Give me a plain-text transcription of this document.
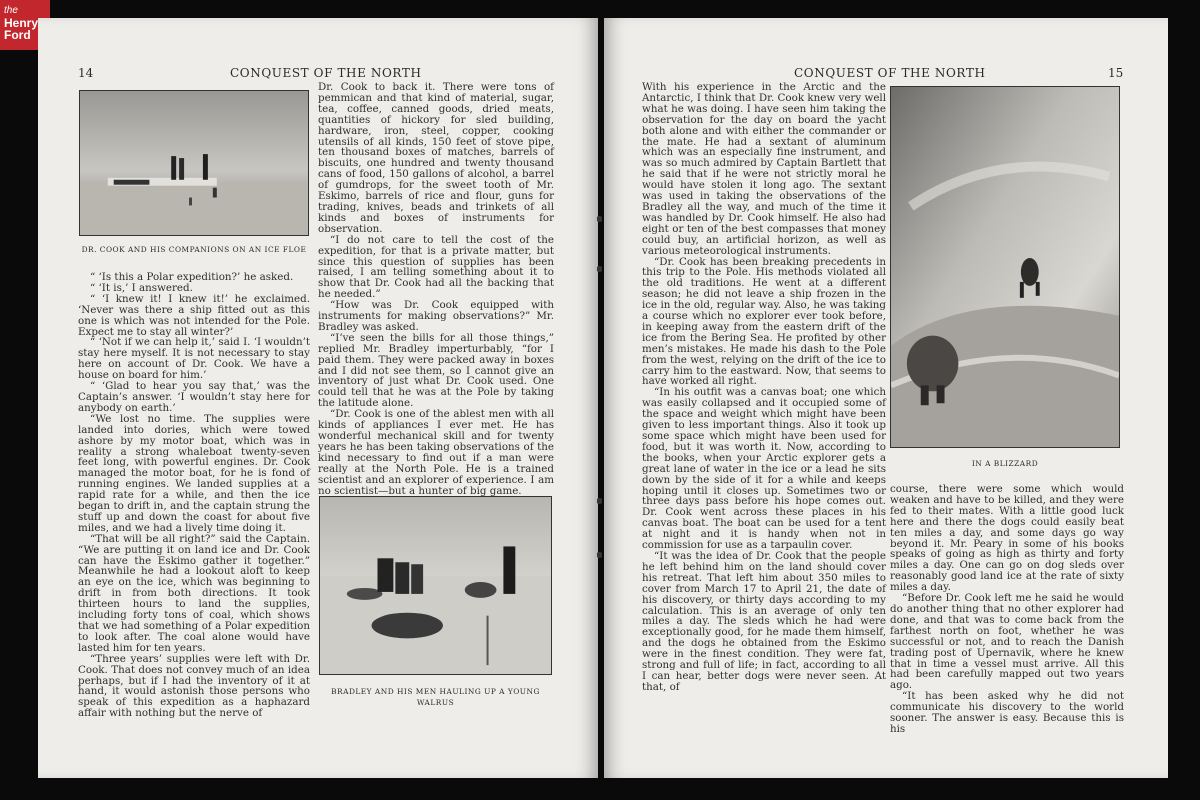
the
Henry
Ford
14	CONQUEST OF THE NORTH
DR. COOK AND HIS COMPANIONS ON AN ICE FLOE

“ ‘Is this a Polar expedition?’ he asked.

“ ‘It is,’ I answered.

“ ‘I knew it! I knew it!’ he exclaimed. ‘Never was there a ship fitted out as this one is which was not intended for the Pole. Expect me to stay all winter?’

“ ‘Not if we can help it,’ said I. ‘I wouldn’t stay here myself. It is not necessary to stay here on account of Dr. Cook. We have a house on board for him.’

“ ‘Glad to hear you say that,’ was the Captain’s answer. ‘I wouldn’t stay here for anybody on earth.’

“We lost no time. The supplies were landed into dories, which were towed ashore by my motor boat, which was in reality a strong whaleboat twenty-seven feet long, with powerful engines. Dr. Cook managed the motor boat, for he is fond of running engines. We landed supplies at a rapid rate for a while, and then the ice began to drift in, and the captain strung the stuff up and down the coast for about five miles, and we had a lively time doing it.

“That will be all right?” said the Captain. “We are putting it on land ice and Dr. Cook can have the Eskimo gather it together.” Meanwhile he had a lookout aloft to keep an eye on the ice, which was beginning to drift in from both directions. It took thirteen hours to land the supplies, including forty tons of coal, which shows that we had something of a Polar expedition to look after. The coal alone would have lasted him for ten years.

“Three years’ supplies were left with Dr. Cook. That does not convey much of an idea perhaps, but if I had the inventory of it at hand, it would astonish those persons who speak of this expedition as a haphazard affair with nothing but the nerve of

Dr. Cook to back it. There were tons of pemmican and that kind of material, sugar, tea, coffee, canned goods, dried meats, quantities of hickory for sled building, hardware, iron, steel, copper, cooking utensils of all kinds, 150 feet of stove pipe, ten thousand boxes of matches, barrels of biscuits, one hundred and twenty thousand cans of food, 150 gallons of alcohol, a barrel of gumdrops, for the sweet tooth of Mr. Eskimo, barrels of rice and flour, guns for trading, knives, beads and trinkets of all kinds and boxes of instruments for observation.

“I do not care to tell the cost of the expedition, for that is a private matter, but since this question of supplies has been raised, I am telling something about it to show that Dr. Cook had all the backing that he needed.”

“How was Dr. Cook equipped with instruments for making observations?” Mr. Bradley was asked.

“I’ve seen the bills for all those things,” replied Mr. Bradley imperturbably, “for I paid them. They were packed away in boxes and I did not see them, so I cannot give an inventory of just what Dr. Cook used. One could tell that he was at the Pole by taking the latitude alone.

“Dr. Cook is one of the ablest men with all kinds of appliances I ever met. He has wonderful mechanical skill and for twenty years he has been taking observations of the kind necessary to find out if a man were really at the North Pole. He is a trained scientist and an explorer of experience. I am no scientist—but a hunter of big game.

BRADLEY AND HIS MEN HAULING UP A YOUNG WALRUS
CONQUEST OF THE NORTH	15

With his experience in the Arctic and the Antarctic, I think that Dr. Cook knew very well what he was doing. I have seen him taking the observation for the day on board the yacht both alone and with either the commander or the mate. He had a sextant of aluminum which was an especially fine instrument, and was so much admired by Captain Bartlett that he said that if he were not strictly moral he would have stolen it long ago. The sextant was used in taking the observations of the Bradley all the way, and much of the time it was handled by Dr. Cook himself. He also had eight or ten of the best compasses that money could buy, an artificial horizon, as well as various meteorological instruments.

“Dr. Cook has been breaking precedents in this trip to the Pole. His methods violated all the old traditions. He went at a different season; he did not leave a ship frozen in the ice in the old, regular way. Also, he was taking a course which no explorer ever took before, in keeping away from the eastern drift of the ice from the Bering Sea. He profited by other men’s mistakes. He made his dash to the Pole from the west, relying on the drift of the ice to carry him to the eastward. Now, that seems to have worked all right.

“In his outfit was a canvas boat; one which was easily collapsed and it occupied some of the space and weight which might have been given to less important things. Also it took up some space which might have been used for food, but it was worth it. Now, according to the books, when your Arctic explorer gets a great lane of water in the ice or a lead he sits down by the side of it for a while and keeps hoping until it closes up. Sometimes two or three days pass before his hope comes out. Dr. Cook went across these places in his canvas boat. The boat can be used for a tent at night and it is handy when not in commission for use as a tarpaulin cover.

“It was the idea of Dr. Cook that the people he left behind him on the land should cover his retreat. That left him about 350 miles to cover from March 17 to April 21, the date of his discovery, or thirty days according to my calculation. This is an average of only ten miles a day. The sleds which he had were exceptionally good, for he made them himself, and the dogs he obtained from the Eskimo were in the finest condition. They were fat, strong and full of life; in fact, according to all I can hear, better dogs were never seen. At that, of

IN A BLIZZARD

course, there were some which would weaken and have to be killed, and they were fed to their mates. With a little good luck here and there the dogs could easily beat ten miles a day, and some days go way beyond it. Mr. Peary in some of his books speaks of going as high as thirty and forty miles a day. One can go on dog sleds over reasonably good land ice at the rate of sixty miles a day.

“Before Dr. Cook left me he said he would do another thing that no other explorer had done, and that was to come back from the farthest north on foot, whether he was successful or not, and to reach the Danish trading post of Upernavik, where he knew that in time a vessel must arrive. All this had been carefully mapped out two years ago.

“It has been asked why he did not communicate his discovery to the world sooner. The answer is easy. Because this is his
